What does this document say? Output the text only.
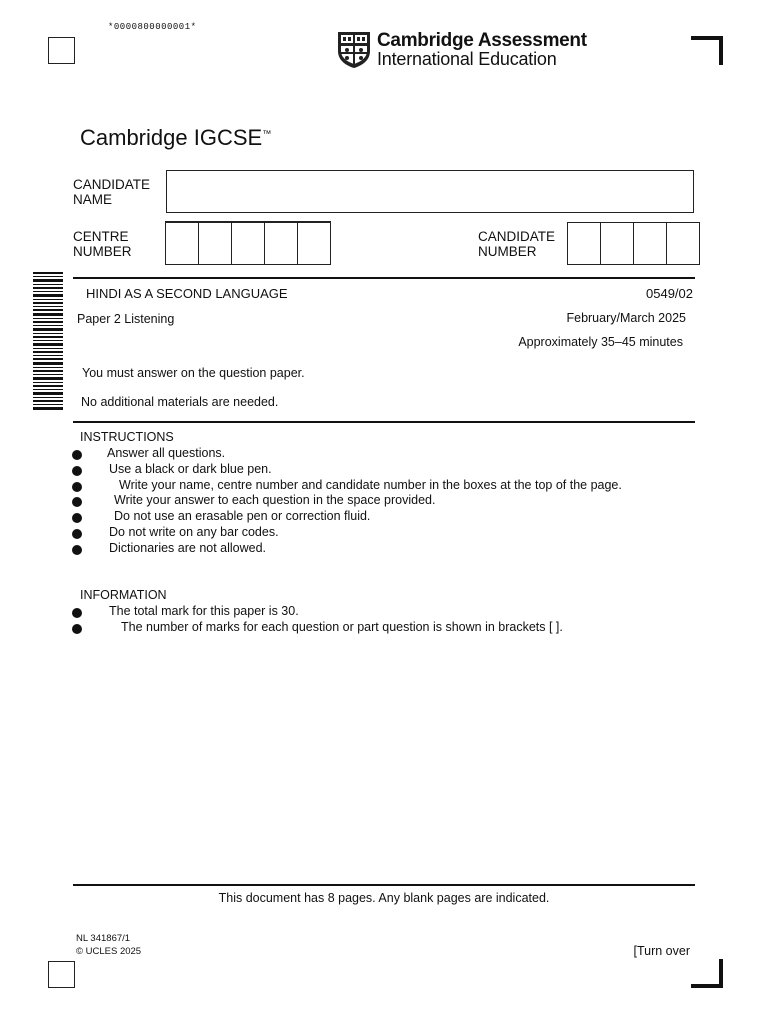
*0000800000001*
Cambridge Assessment
International Education
Cambridge IGCSE™
CANDIDATE
NAME
CENTRE
NUMBER
CANDIDATE
NUMBER
HINDI AS A SECOND LANGUAGE	0549/02
Paper 2 Listening	February/March 2025
Approximately 35–45 minutes
You must answer on the question paper.
No additional materials are needed.
INSTRUCTIONS
Answer all questions.
Use a black or dark blue pen.
Write your name, centre number and candidate number in the boxes at the top of the page.
Write your answer to each question in the space provided.
Do not use an erasable pen or correction fluid.
Do not write on any bar codes.
Dictionaries are not allowed.
INFORMATION
The total mark for this paper is 30.
The number of marks for each question or part question is shown in brackets [ ].
This document has 8 pages. Any blank pages are indicated.
NL 341867/1
© UCLES 2025	[Turn over
